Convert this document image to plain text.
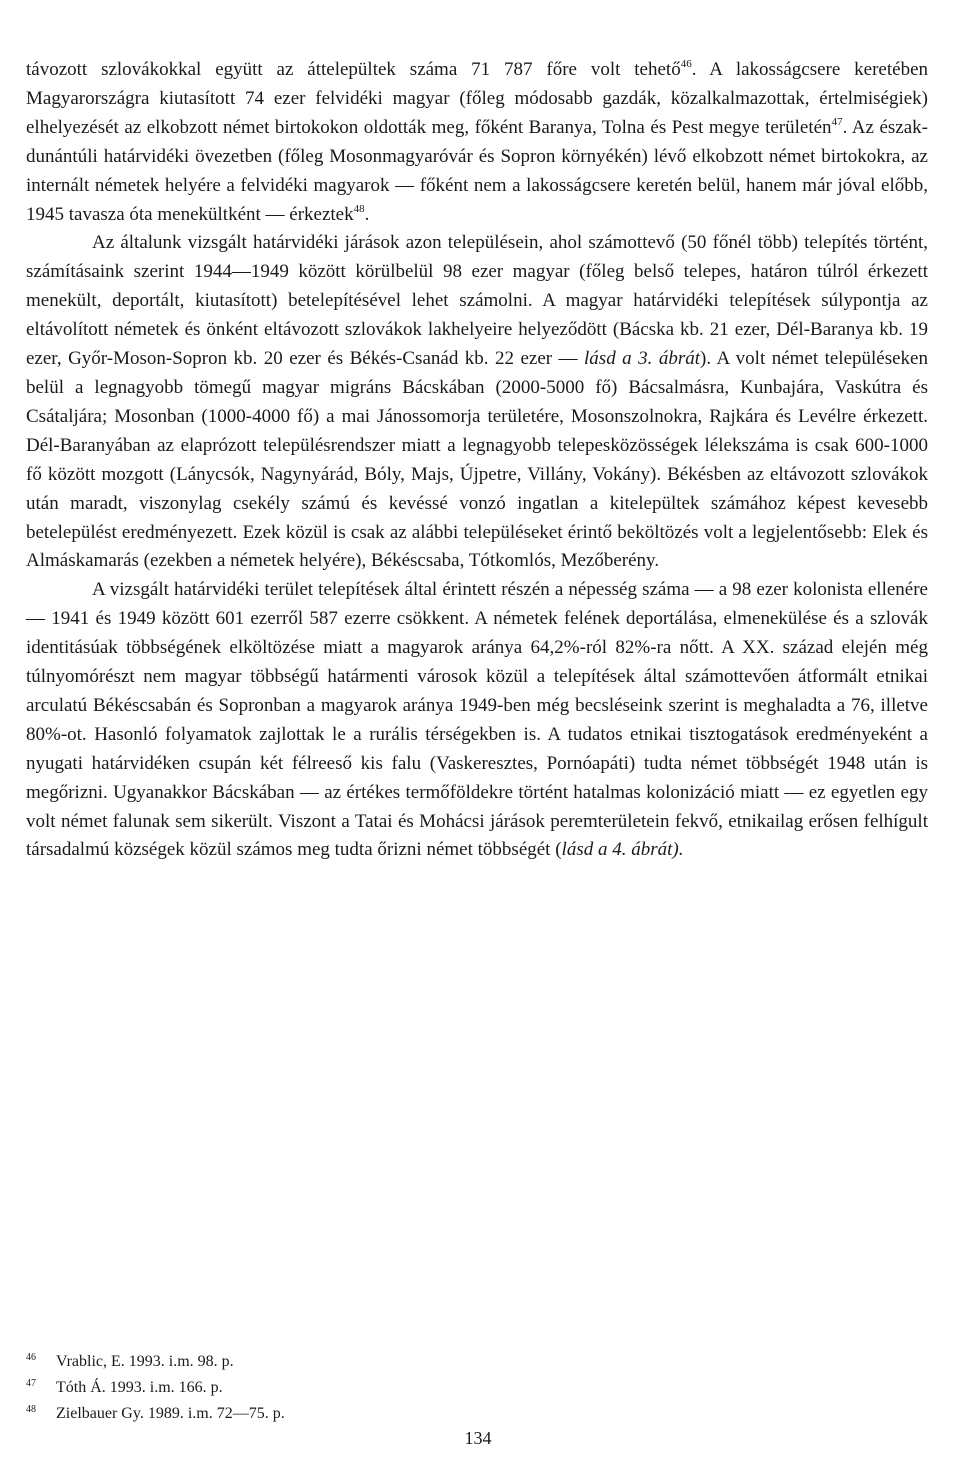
távozott szlovákokkal együtt az áttelepültek száma 71 787 főre volt tehető$^{46}$. A lakosságcsere keretében Magyarországra kiutasított 74 ezer felvidéki magyar (főleg módosabb gazdák, közalkalmazottak, értelmiségiek) elhelyezését az elkobzott német birtokokon oldották meg, főként Baranya, Tolna és Pest megye területén$^{47}$. Az észak-dunántúli határvidéki övezetben (főleg Mosonmagyaróvár és Sopron környékén) lévő elkobzott német birtokokra, az internált németek helyére a felvidéki magyarok — főként nem a lakosságcsere keretén belül, hanem már jóval előbb, 1945 tavasza óta menekültként — érkeztek$^{48}$.

Az általunk vizsgált határvidéki járások azon településein, ahol számottevő (50 főnél több) telepítés történt, számításaink szerint 1944—1949 között körülbelül 98 ezer magyar (főleg belső telepes, határon túlról érkezett menekült, deportált, kiutasított) betelepítésével lehet számolni. A magyar határvidéki telepítések súlypontja az eltávolított németek és önként eltávozott szlovákok lakhelyeire helyeződött (Bácska kb. 21 ezer, Dél-Baranya kb. 19 ezer, Győr-Moson-Sopron kb. 20 ezer és Békés-Csanád kb. 22 ezer — lásd a 3. ábrát). A volt német településeken belül a legnagyobb tömegű magyar migráns Bácskában (2000-5000 fő) Bácsalmásra, Kunbajára, Vaskútra és Csátaljára; Mosonban (1000-4000 fő) a mai Jánossomorja területére, Mosonszolnokra, Rajkára és Levélre érkezett. Dél-Baranyában az elaprózott településrendszer miatt a legnagyobb telepesközösségek lélekszáma is csak 600-1000 fő között mozgott (Lánycsók, Nagynyárád, Bóly, Majs, Újpetre, Villány, Vokány). Békésben az eltávozott szlovákok után maradt, viszonylag csekély számú és kevéssé vonzó ingatlan a kitelepültek számához képest kevesebb betelepülést eredményezett. Ezek közül is csak az alábbi településeket érintő beköltözés volt a legjelentősebb: Elek és Almáskamarás (ezekben a németek helyére), Békéscsaba, Tótkomlós, Mezőberény.

A vizsgált határvidéki terület telepítések által érintett részén a népesség száma — a 98 ezer kolonista ellenére — 1941 és 1949 között 601 ezerről 587 ezerre csökkent. A németek felének deportálása, elmenekülése és a szlovák identitásúak többségének elköltözése miatt a magyarok aránya 64,2%-ról 82%-ra nőtt. A XX. század elején még túlnyomórészt nem magyar többségű határmenti városok közül a telepítések által számottevően átformált etnikai arculatú Békéscsabán és Sopronban a magyarok aránya 1949-ben még becsléseink szerint is meghaladta a 76, illetve 80%-ot. Hasonló folyamatok zajlottak le a rurális térségekben is. A tudatos etnikai tisztogatások eredményeként a nyugati határvidéken csupán két félreeső kis falu (Vaskeresztes, Pornóapáti) tudta német többségét 1948 után is megőrizni. Ugyanakkor Bácskában — az értékes termőföldekre történt hatalmas kolonizáció miatt — ez egyetlen egy volt német falunak sem sikerült. Viszont a Tatai és Mohácsi járások peremterületein fekvő, etnikailag erősen felhígult társadalmú községek közül számos meg tudta őrizni német többségét (lásd a 4. ábrát).

46	Vrablic, E. 1993. i.m. 98. p.
47	Tóth Á. 1993. i.m. 166. p.
48	Zielbauer Gy. 1989. i.m. 72—75. p.
134
